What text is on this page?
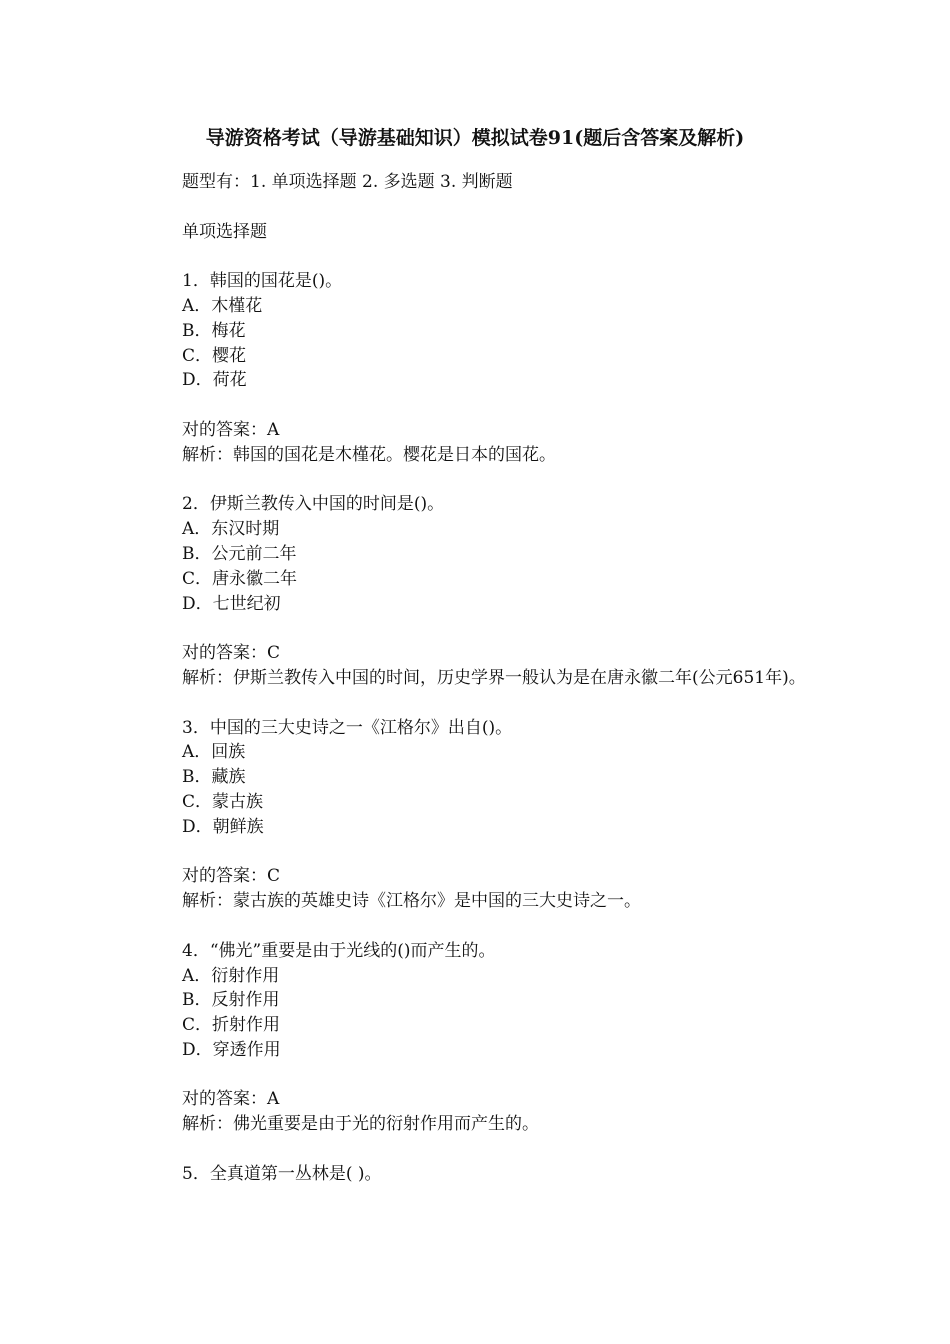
导游资格考试（导游基础知识）模拟试卷91(题后含答案及解析)
题型有：1. 单项选择题 2. 多选题 3. 判断题
单项选择题
1．韩国的国花是()。
A．木槿花
B．梅花
C．樱花
D．荷花
对的答案：A
解析：韩国的国花是木槿花。樱花是日本的国花。
2．伊斯兰教传入中国的时间是()。
A．东汉时期
B．公元前二年
C．唐永徽二年
D．七世纪初
对的答案：C
解析：伊斯兰教传入中国的时间，历史学界一般认为是在唐永徽二年(公元651年)。
3．中国的三大史诗之一《江格尔》出自()。
A．回族
B．藏族
C．蒙古族
D．朝鲜族
对的答案：C
解析：蒙古族的英雄史诗《江格尔》是中国的三大史诗之一。
4．“佛光”重要是由于光线的()而产生的。
A．衍射作用
B．反射作用
C．折射作用
D．穿透作用
对的答案：A
解析：佛光重要是由于光的衍射作用而产生的。
5．全真道第一丛林是( )。
